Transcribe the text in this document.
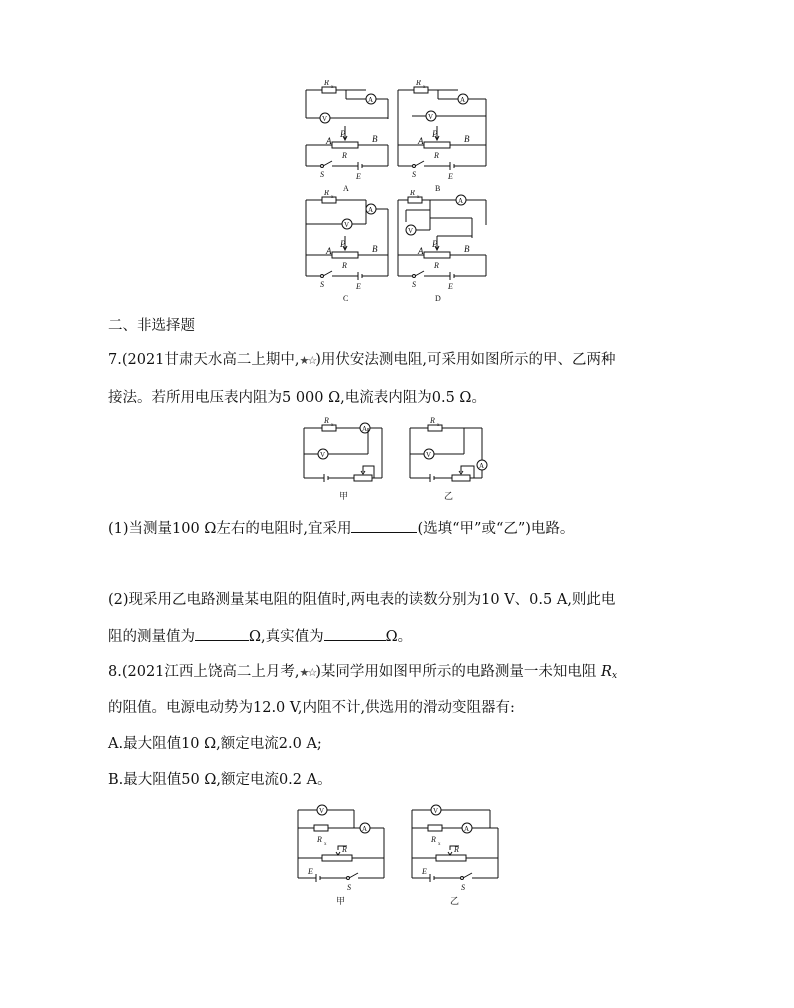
R
x
A
V
P
A	B
R
S	E
A
R
x
A
V
P
A	B
R
S	E
B
R
x
A
V
P
A	B
R
S	E
C
R
x	A
V
P
A	B
R
S	E
D
二、非选择题
7.(2021甘肃天水高二上期中,★☆)用伏安法测电阻,可采用如图所示的甲、乙两种
接法。若所用电压表内阻为5 000 Ω,电流表内阻为0.5 Ω。
R
x	A
V
甲
R
x
A
V
乙
(1)当测量100 Ω左右的电阻时,宜采用	(选填“甲”或“乙”)电路。
(2)现采用乙电路测量某电阻的阻值时,两电表的读数分别为10 V、0.5 A,则此电
阻的测量值为	Ω,真实值为	Ω。
8.(2021江西上饶高二上月考,★☆)某同学用如图甲所示的电路测量一未知电阻 $R_x$
的阻值。电源电动势为12.0 V,内阻不计,供选用的滑动变阻器有:
A.最大阻值10 Ω,额定电流2.0 A;
B.最大阻值50 Ω,额定电流0.2 A。
V
R
x
A
R
E
S
甲
V
R
x
A
R
E
S
乙
